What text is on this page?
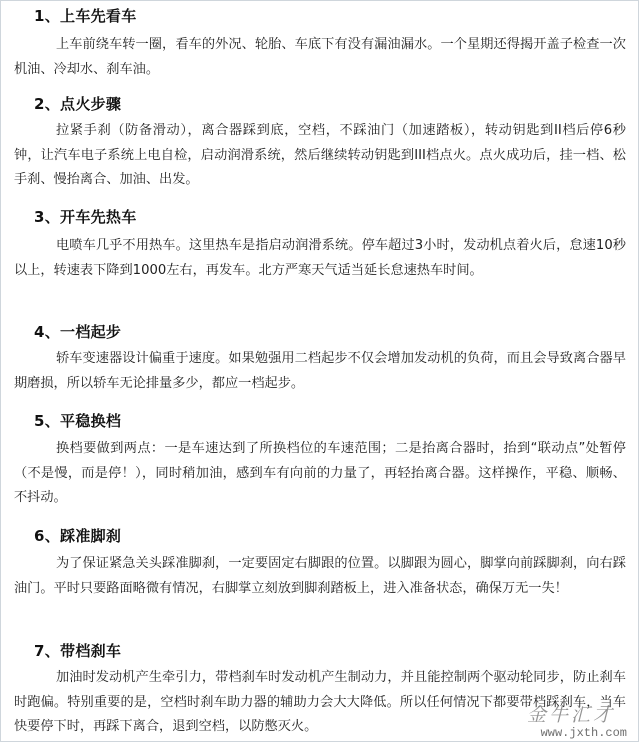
1、上车先看车

上车前绕车转一圈，看车的外况、轮胎、车底下有没有漏油漏水。一个星期还得揭开盖子检查一次机油、冷却水、刹车油。

2、点火步骤

拉紧手刹（防备滑动），离合器踩到底，空档，不踩油门（加速踏板），转动钥匙到II档后停6秒钟，让汽车电子系统上电自检，启动润滑系统，然后继续转动钥匙到III档点火。点火成功后，挂一档、松手刹、慢抬离合、加油、出发。

3、开车先热车

电喷车几乎不用热车。这里热车是指启动润滑系统。停车超过3小时，发动机点着火后，怠速10秒以上，转速表下降到1000左右，再发车。北方严寒天气适当延长怠速热车时间。

4、一档起步

轿车变速器设计偏重于速度。如果勉强用二档起步不仅会增加发动机的负荷，而且会导致离合器早期磨损，所以轿车无论排量多少，都应一档起步。

5、平稳换档

换档要做到两点：一是车速达到了所换档位的车速范围；二是抬离合器时，抬到“联动点”处暂停（不是慢，而是停！），同时稍加油，感到车有向前的力量了，再轻抬离合器。这样操作，平稳、顺畅、不抖动。

6、踩准脚刹

为了保证紧急关头踩准脚刹，一定要固定右脚跟的位置。以脚跟为圆心，脚掌向前踩脚刹，向右踩油门。平时只要路面略微有情况，右脚掌立刻放到脚刹踏板上，进入准备状态，确保万无一失！

7、带档刹车

加油时发动机产生牵引力，带档刹车时发动机产生制动力，并且能控制两个驱动轮同步，防止刹车时跑偏。特别重要的是，空档时刹车助力器的辅助力会大大降低。所以任何情况下都要带档踩刹车，当车快要停下时，再踩下离合，退到空档，以防憋灭火。

金牛汇才
www.jxth.com
